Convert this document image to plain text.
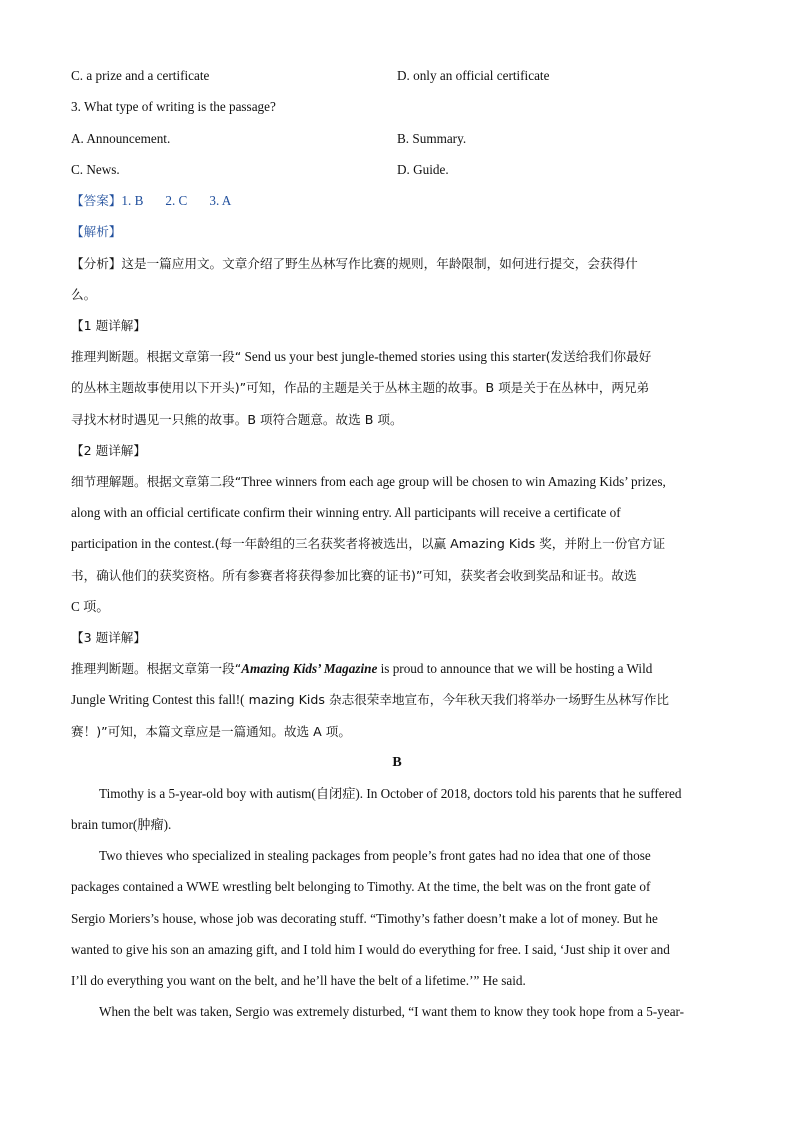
C. a prize and a certificate	D. only an official certificate
3. What type of writing is the passage?
A. Announcement.	B. Summary.
C. News.	D. Guide.
【答案】1. B 2. C 3. A
【解析】
【分析】这是一篇应用文。文章介绍了野生丛林写作比赛的规则，年龄限制，如何进行提交，会获得什
么。
【1 题详解】
推理判断题。根据文章第一段“ Send us your best jungle-themed stories using this starter(发送给我们你最好
的丛林主题故事使用以下开头)”可知，作品的主题是关于丛林主题的故事。B 项是关于在丛林中，两兄弟
寻找木材时遇见一只熊的故事。B 项符合题意。故选 B 项。
【2 题详解】
细节理解题。根据文章第二段“Three winners from each age group will be chosen to win Amazing Kids’ prizes,
along with an official certificate confirm their winning entry. All participants will receive a certificate of
participation in the contest.(每一年龄组的三名获奖者将被选出，以赢 Amazing Kids 奖，并附上一份官方证
书，确认他们的获奖资格。所有参赛者将获得参加比赛的证书)”可知，获奖者会收到奖品和证书。故选
C 项。
【3 题详解】
推理判断题。根据文章第一段“Amazing Kids’ Magazine is proud to announce that we will be hosting a Wild
Jungle Writing Contest this fall!( mazing Kids 杂志很荣幸地宣布，今年秋天我们将举办一场野生丛林写作比
赛！)”可知，本篇文章应是一篇通知。故选 A 项。
B
Timothy is a 5-year-old boy with autism(自闭症). In October of 2018, doctors told his parents that he suffered
brain tumor(肿瘤).
Two thieves who specialized in stealing packages from people’s front gates had no idea that one of those
packages contained a WWE wrestling belt belonging to Timothy. At the time, the belt was on the front gate of
Sergio Moriers’s house, whose job was decorating stuff. “Timothy’s father doesn’t make a lot of money. But he
wanted to give his son an amazing gift, and I told him I would do everything for free. I said, ‘Just ship it over and
I’ll do everything you want on the belt, and he’ll have the belt of a lifetime.’” He said.
When the belt was taken, Sergio was extremely disturbed, “I want them to know they took hope from a 5-year-
